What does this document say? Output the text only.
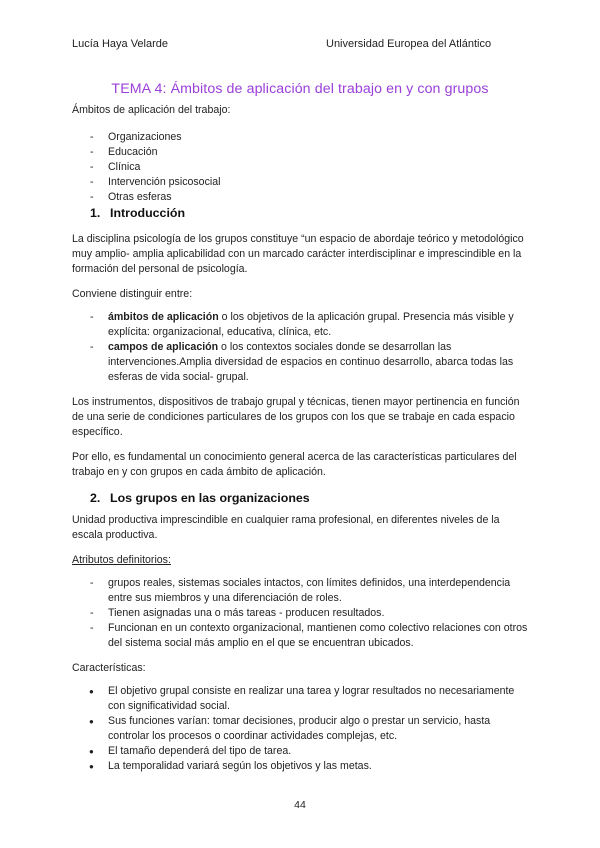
Lucía Haya Velarde	Universidad Europea del Atlántico
TEMA 4: Ámbitos de aplicación del trabajo en y con grupos

Ámbitos de aplicación del trabajo:

- Organizaciones
- Educación
- Clínica
- Intervención psicosocial
- Otras esferas
1. Introducción

La disciplina psicología de los grupos constituye “un espacio de abordaje teórico y metodológico muy amplio- amplia aplicabilidad con un marcado carácter interdisciplinar e imprescindible en la formación del personal de psicología.

Conviene distinguir entre:

- ámbitos de aplicación o los objetivos de la aplicación grupal. Presencia más visible y explícita: organizacional, educativa, clínica, etc.
- campos de aplicación o los contextos sociales donde se desarrollan las intervenciones.Amplia diversidad de espacios en continuo desarrollo, abarca todas las esferas de vida social- grupal.

Los instrumentos, dispositivos de trabajo grupal y técnicas, tienen mayor pertinencia en función de una serie de condiciones particulares de los grupos con los que se trabaje en cada espacio específico.

Por ello, es fundamental un conocimiento general acerca de las características particulares del trabajo en y con grupos en cada ámbito de aplicación.

2. Los grupos en las organizaciones

Unidad productiva imprescindible en cualquier rama profesional, en diferentes niveles de la escala productiva.

Atributos definitorios:

- grupos reales, sistemas sociales intactos, con límites definidos, una interdependencia entre sus miembros y una diferenciación de roles.
- Tienen asignadas una o más tareas - producen resultados.
- Funcionan en un contexto organizacional, mantienen como colectivo relaciones con otros del sistema social más amplio en el que se encuentran ubicados.

Características:

● El objetivo grupal consiste en realizar una tarea y lograr resultados no necesariamente con significatividad social.
● Sus funciones varían: tomar decisiones, producir algo o prestar un servicio, hasta controlar los procesos o coordinar actividades complejas, etc.
● El tamaño dependerá del tipo de tarea.
● La temporalidad variará según los objetivos y las metas.
44
